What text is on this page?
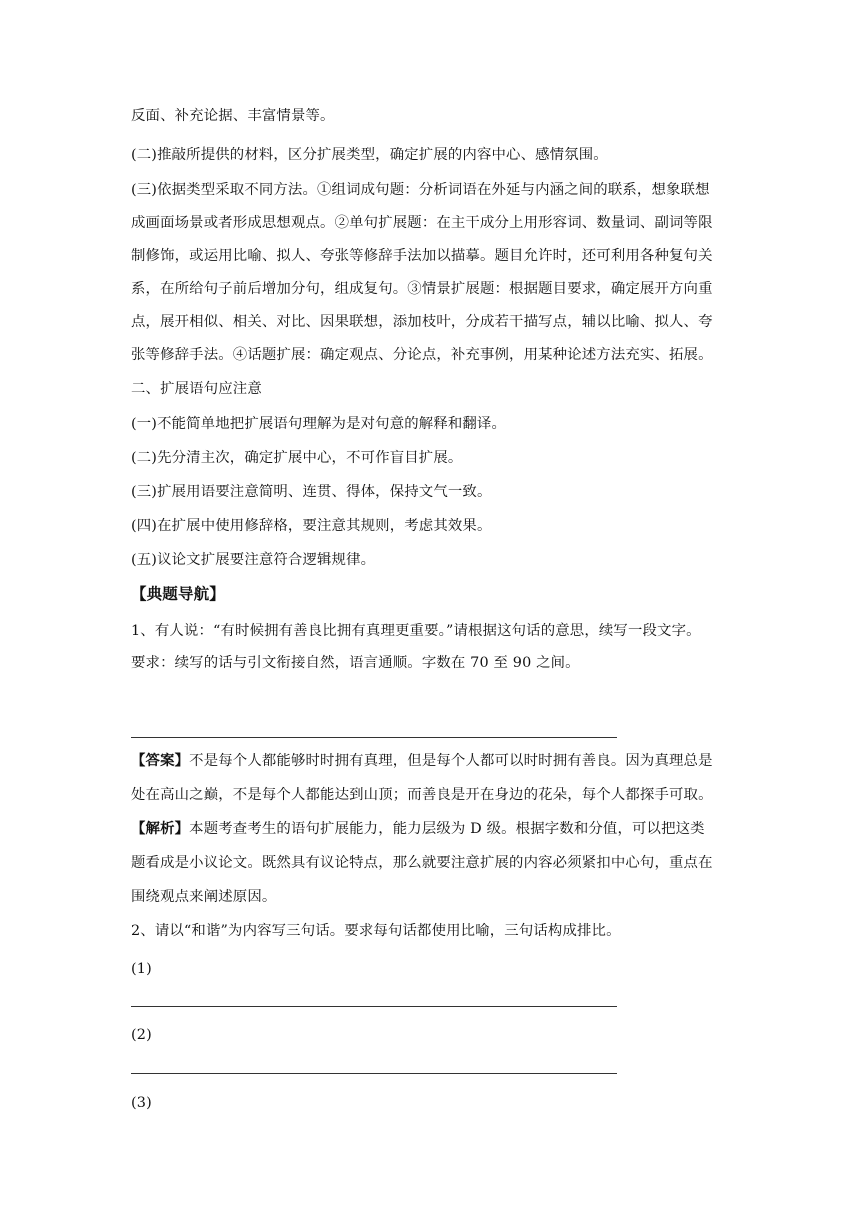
反面、补充论据、丰富情景等。
(二)推敲所提供的材料，区分扩展类型，确定扩展的内容中心、感情氛围。
(三)依据类型采取不同方法。①组词成句题：分析词语在外延与内涵之间的联系，想象联想
成画面场景或者形成思想观点。②单句扩展题：在主干成分上用形容词、数量词、副词等限
制修饰，或运用比喻、拟人、夸张等修辞手法加以描摹。题目允许时，还可利用各种复句关
系，在所给句子前后增加分句，组成复句。③情景扩展题：根据题目要求，确定展开方向重
点，展开相似、相关、对比、因果联想，添加枝叶，分成若干描写点，辅以比喻、拟人、夸
张等修辞手法。④话题扩展：确定观点、分论点，补充事例，用某种论述方法充实、拓展。
二、扩展语句应注意
(一)不能简单地把扩展语句理解为是对句意的解释和翻译。
(二)先分清主次，确定扩展中心，不可作盲目扩展。
(三)扩展用语要注意简明、连贯、得体，保持文气一致。
(四)在扩展中使用修辞格，要注意其规则，考虑其效果。
(五)议论文扩展要注意符合逻辑规律。
【典题导航】
1、有人说：“有时候拥有善良比拥有真理更重要。”请根据这句话的意思，续写一段文字。
要求：续写的话与引文衔接自然，语言通顺。字数在 70 至 90 之间。
【答案】不是每个人都能够时时拥有真理，但是每个人都可以时时拥有善良。因为真理总是
处在高山之巅，不是每个人都能达到山顶；而善良是开在身边的花朵，每个人都探手可取。
【解析】本题考查考生的语句扩展能力，能力层级为 D 级。根据字数和分值，可以把这类
题看成是小议论文。既然具有议论特点，那么就要注意扩展的内容必须紧扣中心句，重点在
围绕观点来阐述原因。
2、请以“和谐”为内容写三句话。要求每句话都使用比喻，三句话构成排比。
(1)
(2)
(3)
